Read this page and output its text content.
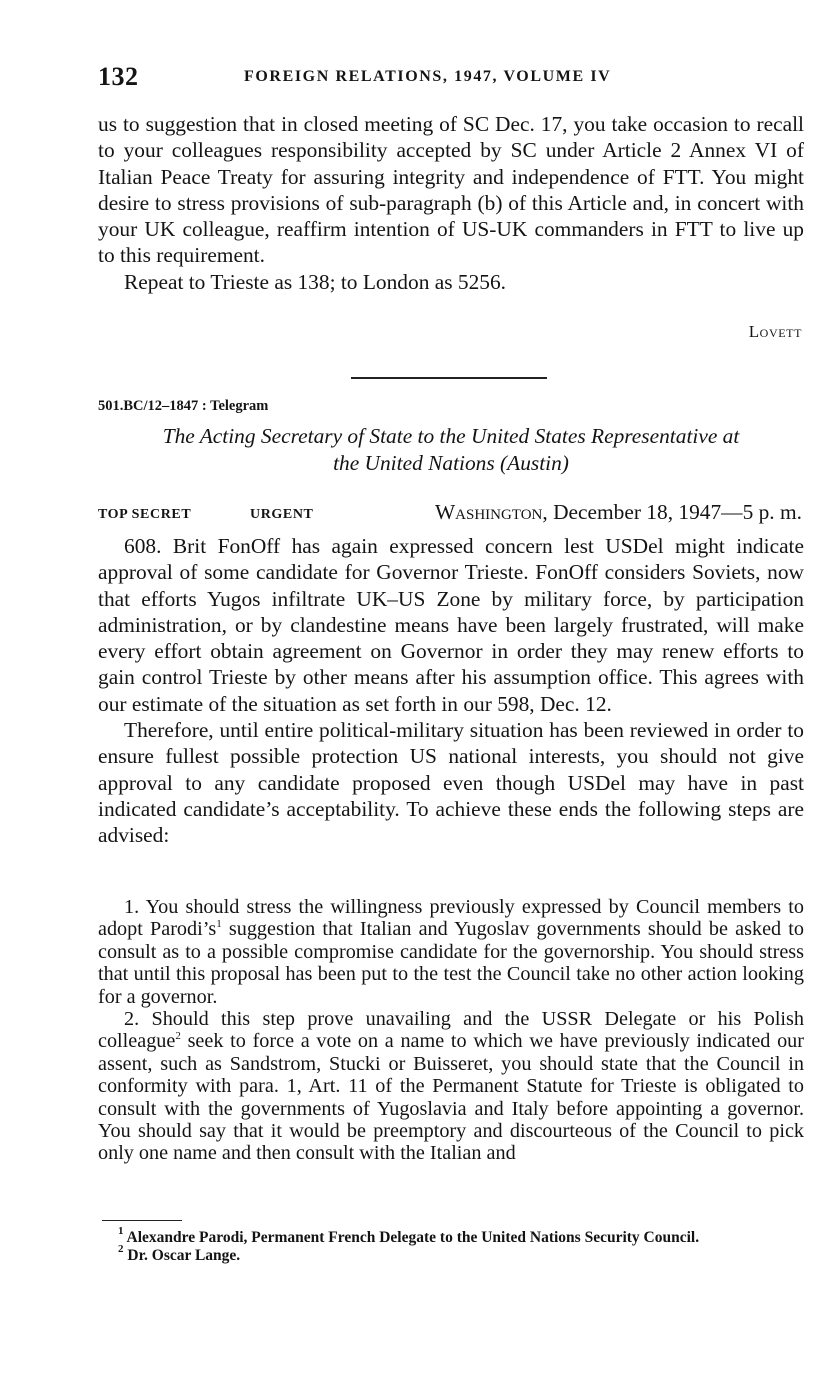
132	FOREIGN RELATIONS, 1947, VOLUME IV

us to suggestion that in closed meeting of SC Dec. 17, you take occasion to recall to your colleagues responsibility accepted by SC under Article 2 Annex VI of Italian Peace Treaty for assuring integrity and independence of FTT. You might desire to stress provisions of sub-paragraph (b) of this Article and, in concert with your UK colleague, reaffirm intention of US-UK commanders in FTT to live up to this requirement.

Repeat to Trieste as 138; to London as 5256.

Lovett
501.BC/12–1847 : Telegram
The Acting Secretary of State to the United States Representative at
the United Nations (Austin)
TOP SECRET	URGENT	Washington, December 18, 1947—5 p. m.

608. Brit FonOff has again expressed concern lest USDel might indicate approval of some candidate for Governor Trieste. FonOff considers Soviets, now that efforts Yugos infiltrate UK–US Zone by military force, by participation administration, or by clandestine means have been largely frustrated, will make every effort obtain agreement on Governor in order they may renew efforts to gain control Trieste by other means after his assumption office. This agrees with our estimate of the situation as set forth in our 598, Dec. 12.

Therefore, until entire political-military situation has been reviewed in order to ensure fullest possible protection US national interests, you should not give approval to any candidate proposed even though USDel may have in past indicated candidate’s acceptability. To achieve these ends the following steps are advised:

1. You should stress the willingness previously expressed by Council members to adopt $Parodi’s^1$ suggestion that Italian and Yugoslav governments should be asked to consult as to a possible compromise candidate for the governorship. You should stress that until this proposal has been put to the test the Council take no other action looking for a governor.

2. Should this step prove unavailing and the USSR Delegate or his Polish colleague$^2$ seek to force a vote on a name to which we have previously indicated our assent, such as Sandstrom, Stucki or Buisseret, you should state that the Council in conformity with para. 1, Art. 11 of the Permanent Statute for Trieste is obligated to consult with the governments of Yugoslavia and Italy before appointing a governor. You should say that it would be preemptory and discourteous of the Council to pick only one name and then consult with the Italian and

$^1$ Alexandre Parodi, Permanent French Delegate to the United Nations Security Council.

$^2$ Dr. Oscar Lange.
